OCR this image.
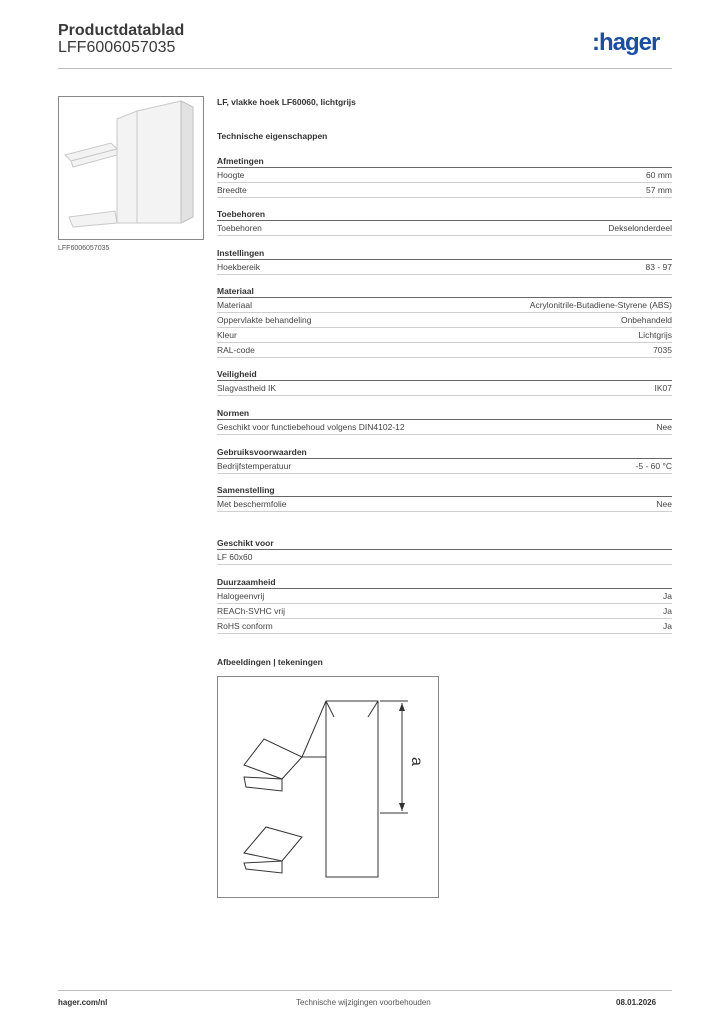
Productdatablad
LFF6006057035	:hager
LFF6006057035
LF, vlakke hoek LF60060, lichtgrijs
Technische eigenschappen
Afmetingen
Hoogte	60 mm
Breedte	57 mm
Toebehoren
Toebehoren	Dekselonderdeel
Instellingen
Hoekbereik	83 - 97
Materiaal
Materiaal	Acrylonitrile-Butadiene-Styrene (ABS)
Oppervlakte behandeling	Onbehandeld
Kleur	Lichtgrijs
RAL-code	7035
Veiligheid
Slagvastheid IK	IK07
Normen
Geschikt voor functiebehoud volgens DIN4102-12	Nee
Gebruiksvoorwaarden
Bedrijfstemperatuur	-5 - 60 °C
Samenstelling
Met beschermfolie	Nee
Geschikt voor
LF 60x60
Duurzaamheid
Halogeenvrij	Ja
REACh-SVHC vrij	Ja
RoHS conform	Ja
Afbeeldingen | tekeningen
a
hager.com/nl	Technische wijzigingen voorbehouden	08.01.2026
